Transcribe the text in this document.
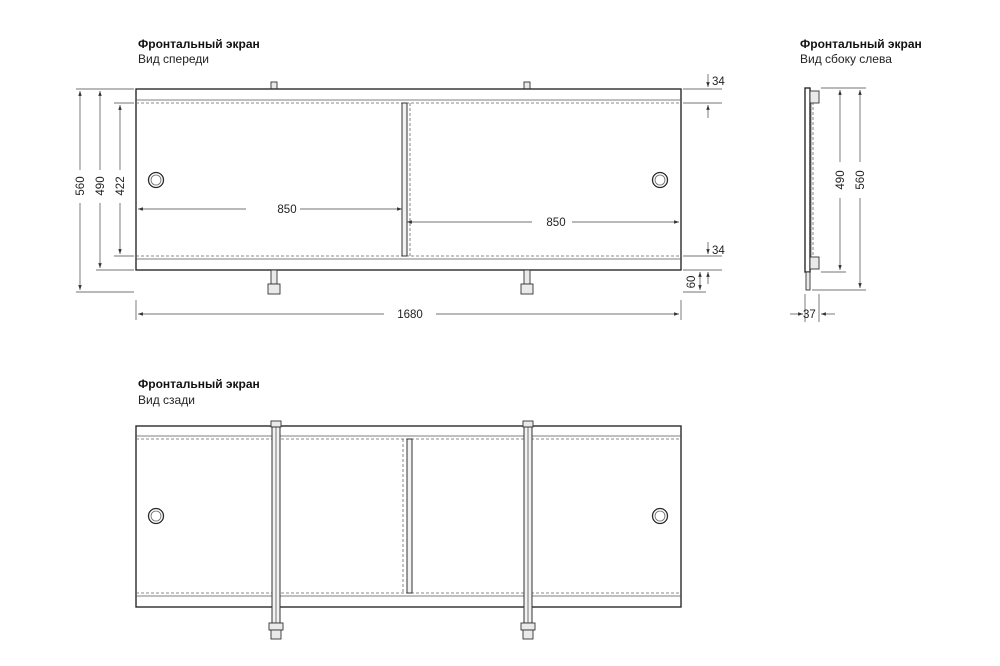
Фронтальный экран
Вид спереди
850
850
560 490 422
34
34
60
1680
Фронтальный экран
Вид сбоку слева
490 560
37
Фронтальный экран
Вид сзади
